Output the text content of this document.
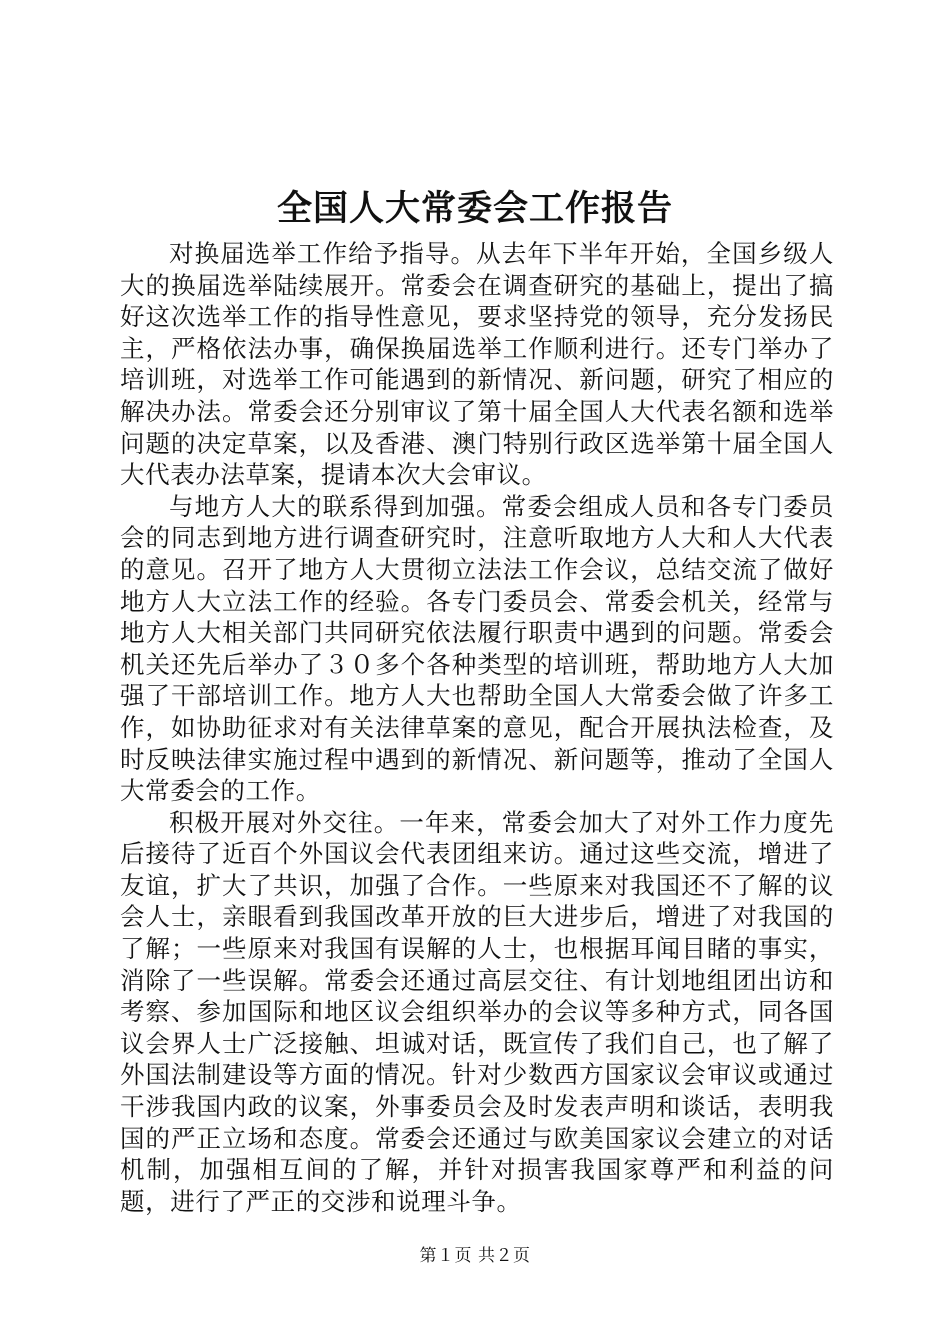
全国人大常委会工作报告

对换届选举工作给予指导。从去年下半年开始，全国乡级人大的换届选举陆续展开。常委会在调查研究的基础上，提出了搞好这次选举工作的指导性意见，要求坚持党的领导，充分发扬民主，严格依法办事，确保换届选举工作顺利进行。还专门举办了培训班，对选举工作可能遇到的新情况、新问题，研究了相应的解决办法。常委会还分别审议了第十届全国人大代表名额和选举问题的决定草案，以及香港、澳门特别行政区选举第十届全国人大代表办法草案，提请本次大会审议。

与地方人大的联系得到加强。常委会组成人员和各专门委员会的同志到地方进行调查研究时，注意听取地方人大和人大代表的意见。召开了地方人大贯彻立法法工作会议，总结交流了做好地方人大立法工作的经验。各专门委员会、常委会机关，经常与地方人大相关部门共同研究依法履行职责中遇到的问题。常委会机关还先后举办了３０多个各种类型的培训班，帮助地方人大加强了干部培训工作。地方人大也帮助全国人大常委会做了许多工作，如协助征求对有关法律草案的意见，配合开展执法检查，及时反映法律实施过程中遇到的新情况、新问题等，推动了全国人大常委会的工作。

积极开展对外交往。一年来，常委会加大了对外工作力度先后接待了近百个外国议会代表团组来访。通过这些交流，增进了友谊，扩大了共识，加强了合作。一些原来对我国还不了解的议会人士，亲眼看到我国改革开放的巨大进步后，增进了对我国的了解；一些原来对我国有误解的人士，也根据耳闻目睹的事实，消除了一些误解。常委会还通过高层交往、有计划地组团出访和考察、参加国际和地区议会组织举办的会议等多种方式，同各国议会界人士广泛接触、坦诚对话，既宣传了我们自己，也了解了外国法制建设等方面的情况。针对少数西方国家议会审议或通过干涉我国内政的议案，外事委员会及时发表声明和谈话，表明我国的严正立场和态度。常委会还通过与欧美国家议会建立的对话机制，加强相互间的了解，并针对损害我国家尊严和利益的问题，进行了严正的交涉和说理斗争。

第１页 共２页
